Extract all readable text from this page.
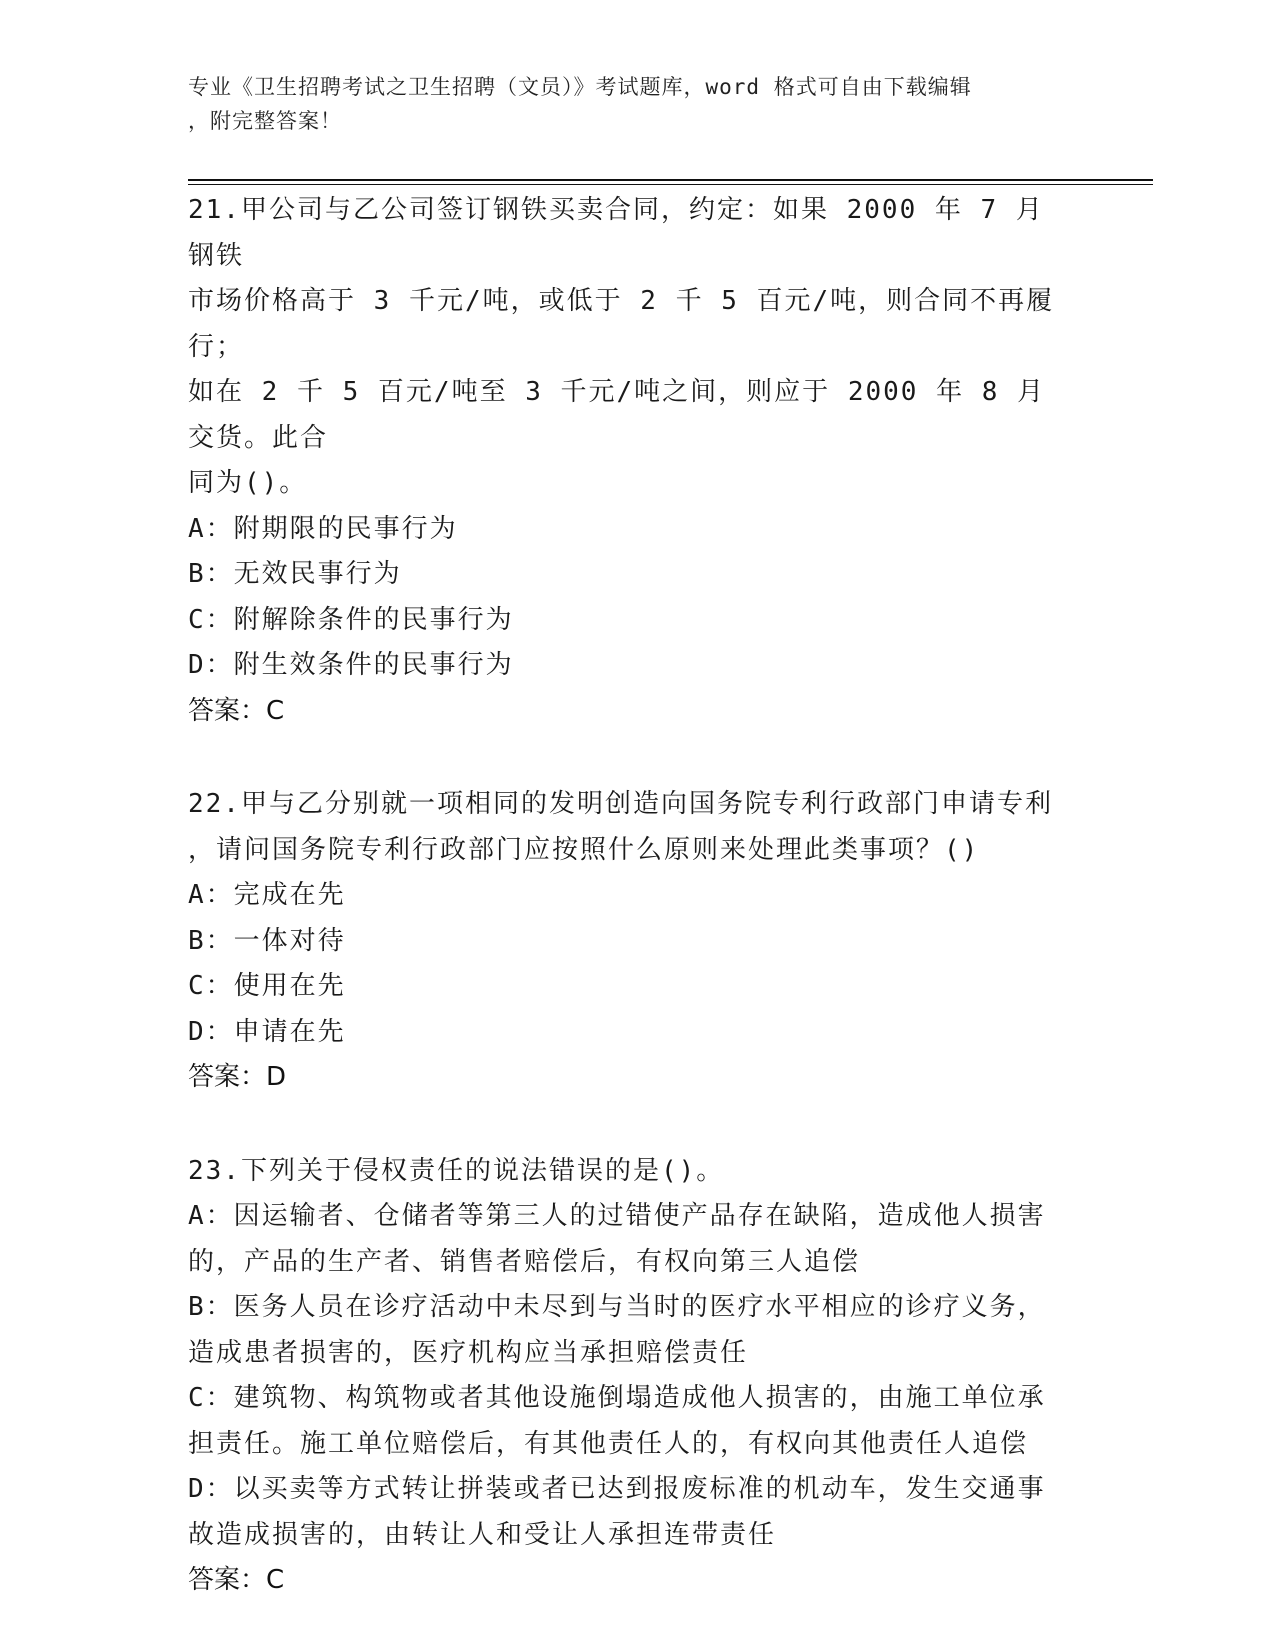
专业《卫生招聘考试之卫生招聘（文员）》考试题库，word 格式可自由下载编辑
，附完整答案！
21.甲公司与乙公司签订钢铁买卖合同，约定：如果 2000 年 7 月钢铁
市场价格高于 3 千元/吨，或低于 2 千 5 百元/吨，则合同不再履行；
如在 2 千 5 百元/吨至 3 千元/吨之间，则应于 2000 年 8 月交货。此合
同为()。
A：附期限的民事行为
B：无效民事行为
C：附解除条件的民事行为
D：附生效条件的民事行为
答案：C
22.甲与乙分别就一项相同的发明创造向国务院专利行政部门申请专利
，请问国务院专利行政部门应按照什么原则来处理此类事项？()
A：完成在先
B：一体对待
C：使用在先
D：申请在先
答案：D
23.下列关于侵权责任的说法错误的是()。
A：因运输者、仓储者等第三人的过错使产品存在缺陷，造成他人损害
的，产品的生产者、销售者赔偿后，有权向第三人追偿
B：医务人员在诊疗活动中未尽到与当时的医疗水平相应的诊疗义务，
造成患者损害的，医疗机构应当承担赔偿责任
C：建筑物、构筑物或者其他设施倒塌造成他人损害的，由施工单位承
担责任。施工单位赔偿后，有其他责任人的，有权向其他责任人追偿
D：以买卖等方式转让拼装或者已达到报废标准的机动车，发生交通事
故造成损害的，由转让人和受让人承担连带责任
答案：C
